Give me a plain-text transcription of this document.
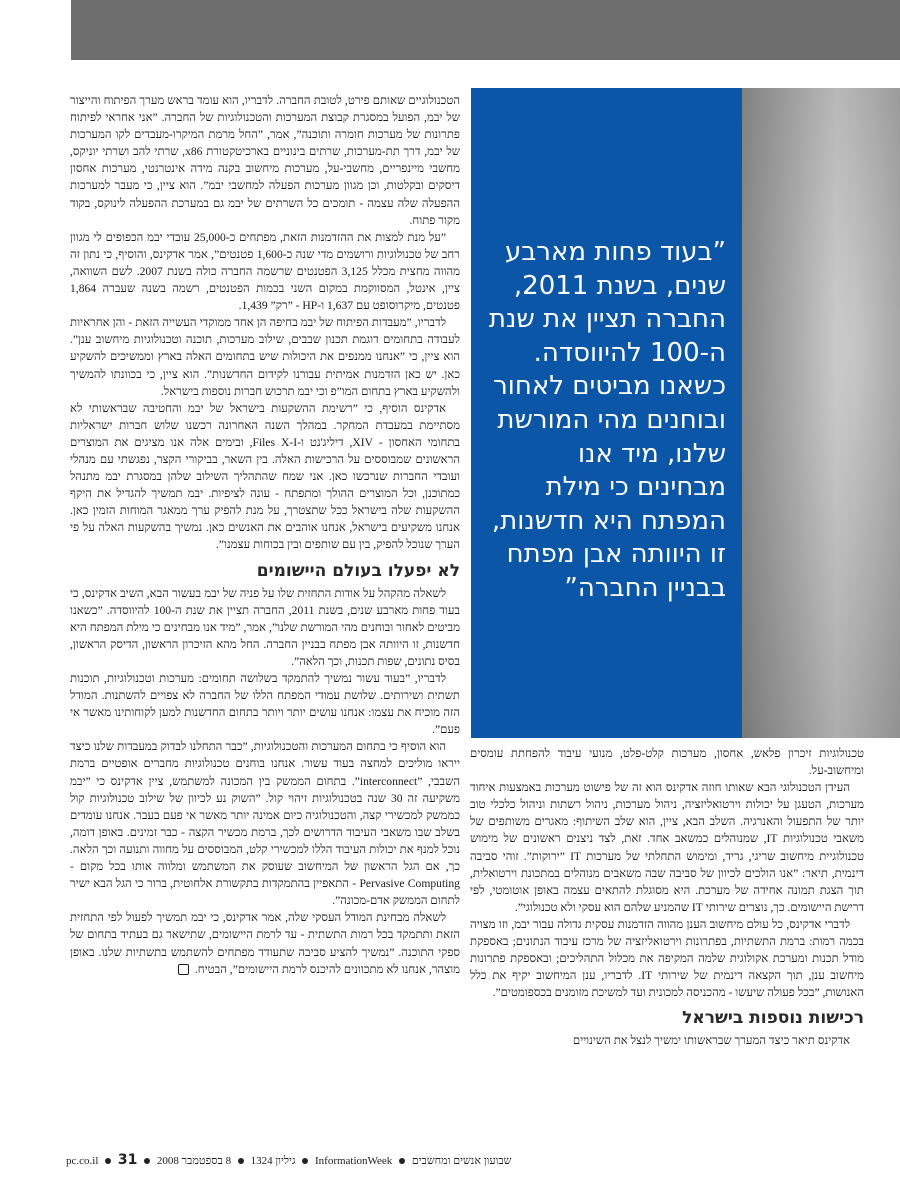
”בעוד פחות מארבע שנים, בשנת 2011, החברה תציין את שנת ה-100 להיווסדה. כשאנו מביטים לאחור ובוחנים מהי המורשת שלנו, מיד אנו מבחינים כי מילת המפתח היא חדשנות, זו היוותה אבן מפתח בבניין החברה”

הטכנולוגיים שאותם פירט, לטובת החברה. לדבריו, הוא עומד בראש מערך הפיתוח והייצור של יבמ, הפועל במסגרת קבוצת המערכות והטכנולוגיות של החברה. ”אני אחראי לפיתוח פתרונות של מערכות חומרה ותוכנה”, אמר, ”החל מרמת המיקרו-מעבדים לקו המערכות של יבמ, דרך תת-מערכות, שרתים בינוניים בארכיטקטורת x86, שרתי להב ושרתי יוניקס, מחשבי מיינפריים, מחשבי-על, מערכות מיחשוב בקנה מידה אינטרנטי, מערכות אחסון דיסקים ובקלטות, וכן מגוון מערכות הפעלה למחשבי יבמ”. הוא ציין, כי מעבר למערכות ההפעלה שלה עצמה - תומכים כל השרתים של יבמ גם במערכת ההפעלה לינוקס, בקוד מקור פתוח.

”על מנת למצות את ההזדמנות הזאת, מפתחים כ-25,000 עובדי יבמ הכפופים לי מגוון רחב של טכנולוגיות ורושמים מדי שנה כ-1,600 פטנטים”, אמר אדקינס, והוסיף, כי נתון זה מהווה מחצית מכלל 3,125 הפטנטים שרשמה החברה כולה בשנת 2007. לשם השוואה, ציין, אינטל, המסווקמת במקום השני בכמות הפטנטים, רשמה בשנה שעברה 1,864 פטנטים, מיקרוסופט עם 1,637 ו-HP - ”רק” 1,439.

לדבריו, ”מעבדות הפיתוח של יבמ בחיפה הן אחד ממוקדי העשייה הזאת - והן אחראיות לעבודה בתחומים דוגמת תכנון שבבים, שילוב מערכות, תוכנה וטכנולוגיות מיחשוב ענן”. הוא ציין, כי ”אנחנו ממנפים את היכולות שיש בתחומים האלה בארץ וממשיכים להשקיע כאן. יש כאן הזדמנות אמיתית עבורנו לקידום החדשנות”. הוא ציין, כי בכוונתו להמשיך ולהשקיע בארץ בתחום המו”פ וכי יבמ תרכוש חברות נוספות בישראל.

אדקינס הוסיף, כי ”רשימת ההשקעות בישראל של יבמ והחטיבה שבראשותי לא מסתיימת במעבדת המחקר. במהלך השנה האחרונה רכשנו שלוש חברות ישראליות בתחומי האחסון - XIV, דיליג'נט ו-Files X-I, ובימים אלה אנו מציגים את המוצרים הראשונים שמבוססים על הרכישות האלה. בין השאר, בביקורי הקצר, נפגשתי עם מנהלי ועובדי החברות שנרכשו כאן. אני שמח שהתהליך השילוב שלהן במסגרת יבמ מתנהל כמתוכנן, וכל המוצרים ההולך ומתפתח - עונה לציפיות. יבמ תמשיך להגדיל את היקף ההשקעות שלה בישראל ככל שתצטרך, על מנת להפיק ערך ממאגר המוחות הזמין כאן. אנחנו משקיעים בישראל, אנחנו אוהבים את האנשים כאן. נמשיך בהשקעות האלה על פי הערך שנוכל להפיק, בין עם שותפים ובין בכוחות עצמנו”.

לא יפעלו בעולם היישומים

לשאלה מהקהל על אודות התחזית שלו על פניה של יבמ בעשור הבא, השיב אדקינס, כי בעוד פחות מארבע שנים, בשנת 2011, החברה תציין את שנת ה-100 להיווסדה. ”כשאנו מביטים לאחור ובוחנים מהי המורשת שלנו”, אמר, ”מיד אנו מבחינים כי מילת המפתח היא חדשנות, זו היוותה אבן מפתח בבניין החברה. החל מהא הזיכרון הראשון, הדיסק הראשון, בסיס נתונים, שפות תכנות, וכך הלאה”.

לדבריו, ”בעוד עשור נמשיך להתמקד בשלושה תחומים: מערכות וטכנולוגיות, תוכנות תשתית ושירותים. שלושת עמודי המפתח הללו של החברה לא צפויים להשתנות. המודל הזה מוכיח את עצמו: אנחנו עושים יותר ויותר בתחום החדשנות למען לקוחותינו מאשר אי פעם”.

הוא הוסיף כי בתחום המערכות והטכנולוגיות, ”כבר התחלנו לבדוק במעבדות שלנו כיצד ייראו מוליכים למחצה בעוד עשור. אנחנו בוחנים טכנולוגיות מחברים אופטיים ברמת השבבי, ”interconnect”. בתחום הממשק בין המכונה למשתמש, ציין אדקינס כי ”יבמ משקיעה זה 30 שנה בטכנולוגיות זיהוי קול. ”השוק נע לכיוון של שילוב טכנולוגיות קול כממשק למכשירי קצה, והטכנולוגיה כיום אמינה יותר מאשר אי פעם בעבר. אנחנו עומדים בשלב שבו משאבי העיבוד הדרושים לכך, ברמת מכשיר הקצה - כבר זמינים. באופן דומה, נוכל למנף את יכולות העיבוד הללו למכשירי קלט, המבוססים על מחווה ותנועה וכך הלאה. כך, אם הגל הראשון של המיחשוב שעוסק את המשתמש ומלווה אותו בכל מקום - Pervasive Computing - התאפיין בהתמקדות בתקשורת אלחוטית, ברור כי הגל הבא ישיר לתחום הממשק אדם-מכונה”.

לשאלה מבחינת המודל העסקי שלה, אמר אדקינס, כי יבמ תמשיך לפעול לפי התחזית הזאת ותתמקד בכל רמות התשתית - עד לרמת היישומים, שתישאר גם בעתיד בתחום של ספקי התוכנה. ”נמשיך להציע סביבה שתעודד מפתחים להשתמש בתשתיות שלנו. באופן מוצהר, אנחנו לא מתכוונים להיכנס לרמת היישומים”, הבטיח.

טכנולוגיות זיכרון פלאש, אחסון, מערכות קלט-פלט, מנועי עיבוד להפחתת עומסים ומיחשוב-על.

העידן הטכנולוגי הבא שאותו חוזה אדקינס הוא זה של פישוט מערכות באמצעות איחוד מערכות, הטעגן על יכולות וירטואליזציה, ניהול מערכות, ניהול רשתות וניהול כלכלי טוב יותר של התפעול והאנרגיה. השלב הבא, ציין, הוא שלב השיתוף: מאגרים משותפים של משאבי טכנולוגיות IT, שמנוהלים כמשאב אחד. זאת, לצד ניצנים ראשונים של מימוש טכנולוגיית מיחשוב שריגי, גריד, ומימוש התחלתי של מערכות IT ”ירוקות”. זוהי סביבה דינמית, תיאר: ”אנו הולכים לכיוון של סביבה שבה משאבים מנוהלים במתכונת וירטואלית, תוך הצגת תמונה אחידה של מערכת. היא מסוגלת להתאים עצמה באופן אוטומטי, לפי דרישת היישומים. כך, נוצרים שירותי IT שהמניע שלהם הוא עסקי ולא טכנולוגי”.

לדברי אדקינס, כל עולם מיחשוב הענן מהווה הזדמנות עסקית גדולה עבור יבמ, וזו מצויה בכמה רמות: ברמת התשתיות, בפתרונות וירטואליזציה של מרכז עיבוד הנתונים; באספקת מודל תכנות ומערכת אקולוגית שלמה המקיפה את מכלול התהליכים; ובאספקת פתרונות מיחשוב ענן, תוך הקצאה דינמית של שירותי IT. לדבריו, ענן המיחשוב יקיף את כלל האנושות, ”בכל פעולה שיעשו - מהכניסה למכונית ועד למשיכת מזומנים בכספומטים”.

רכישות נוספות בישראל

אדקינס תיאר כיצד המערך שבראשותו ימשיך לנצל את השינויים

שבועון אנשים ומחשבים  InformationWeek  גיליון 1324  8 בספטמבר 2008  pc.co.il 31
